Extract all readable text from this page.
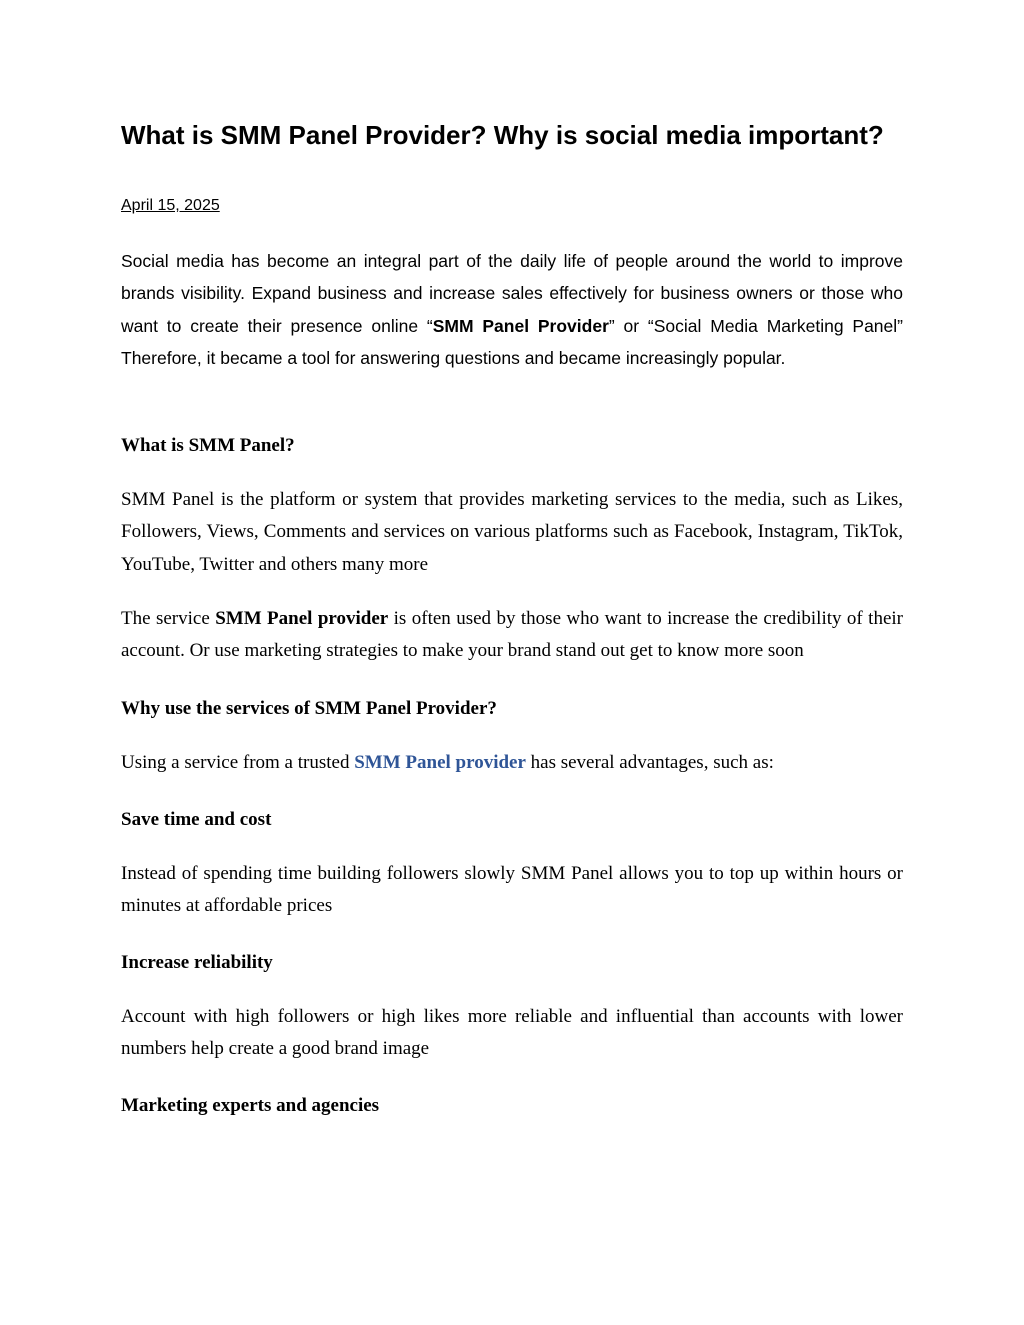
What is SMM Panel Provider? Why is social media important?

April 15, 2025

Social media has become an integral part of the daily life of people around the world to improve brands visibility. Expand business and increase sales effectively for business owners or those who want to create their presence online “SMM Panel Provider” or “Social Media Marketing Panel” Therefore, it became a tool for answering questions and became increasingly popular.

What is SMM Panel?

SMM Panel is the platform or system that provides marketing services to the media, such as Likes, Followers, Views, Comments and services on various platforms such as Facebook, Instagram, TikTok, YouTube, Twitter and others many more

The service SMM Panel provider is often used by those who want to increase the credibility of their account. Or use marketing strategies to make your brand stand out get to know more soon

Why use the services of SMM Panel Provider?

Using a service from a trusted SMM Panel provider has several advantages, such as:

Save time and cost

Instead of spending time building followers slowly SMM Panel allows you to top up within hours or minutes at affordable prices

Increase reliability

Account with high followers or high likes more reliable and influential than accounts with lower numbers help create a good brand image

Marketing experts and agencies
